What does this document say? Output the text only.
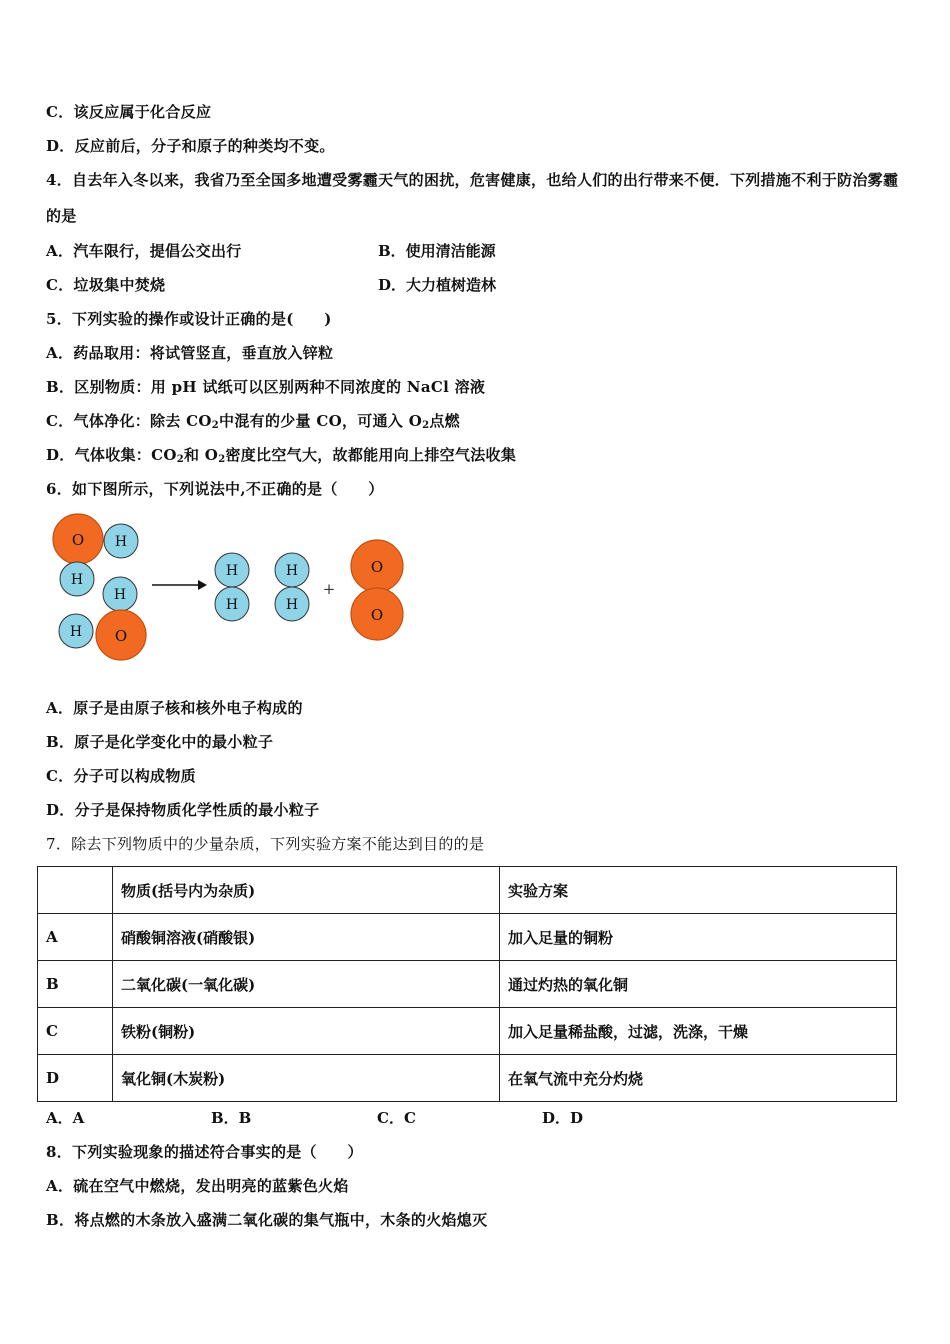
C．该反应属于化合反应
D．反应前后，分子和原子的种类均不变。
4．自去年入冬以来，我省乃至全国多地遭受雾霾天气的困扰，危害健康，也给人们的出行带来不便．下列措施不利于防治雾霾的是
A．汽车限行，提倡公交出行	B．使用清洁能源
C．垃圾集中焚烧	D．大力植树造林
5．下列实验的操作或设计正确的是(　　)
A．药品取用：将试管竖直，垂直放入锌粒
B．区别物质：用 pH 试纸可以区别两种不同浓度的 NaCl 溶液
C．气体净化：除去 $CO_2$中混有的少量 CO，可通入 $O_2$点燃
D．气体收集：$CO_2$和 $O_2$密度比空气大，故都能用向上排空气法收集
6．如下图所示，下列说法中,不正确的是（　　）
O H
H
H
H O
H
H
H
H
+
O
O
A．原子是由原子核和核外电子构成的
B．原子是化学变化中的最小粒子
C．分子可以构成物质
D．分子是保持物质化学性质的最小粒子
7．除去下列物质中的少量杂质，下列实验方案不能达到目的的是
	物质(括号内为杂质)	实验方案
A	硝酸铜溶液(硝酸银)	加入足量的铜粉
B	二氧化碳(一氧化碳)	通过灼热的氧化铜
C	铁粉(铜粉)	加入足量稀盐酸，过滤，洗涤，干燥
D	氧化铜(木炭粉)	在氧气流中充分灼烧
A．A	B．B	C．C	D．D
8．下列实验现象的描述符合事实的是（　　）
A．硫在空气中燃烧，发出明亮的蓝紫色火焰
B．将点燃的木条放入盛满二氧化碳的集气瓶中，木条的火焰熄灭
